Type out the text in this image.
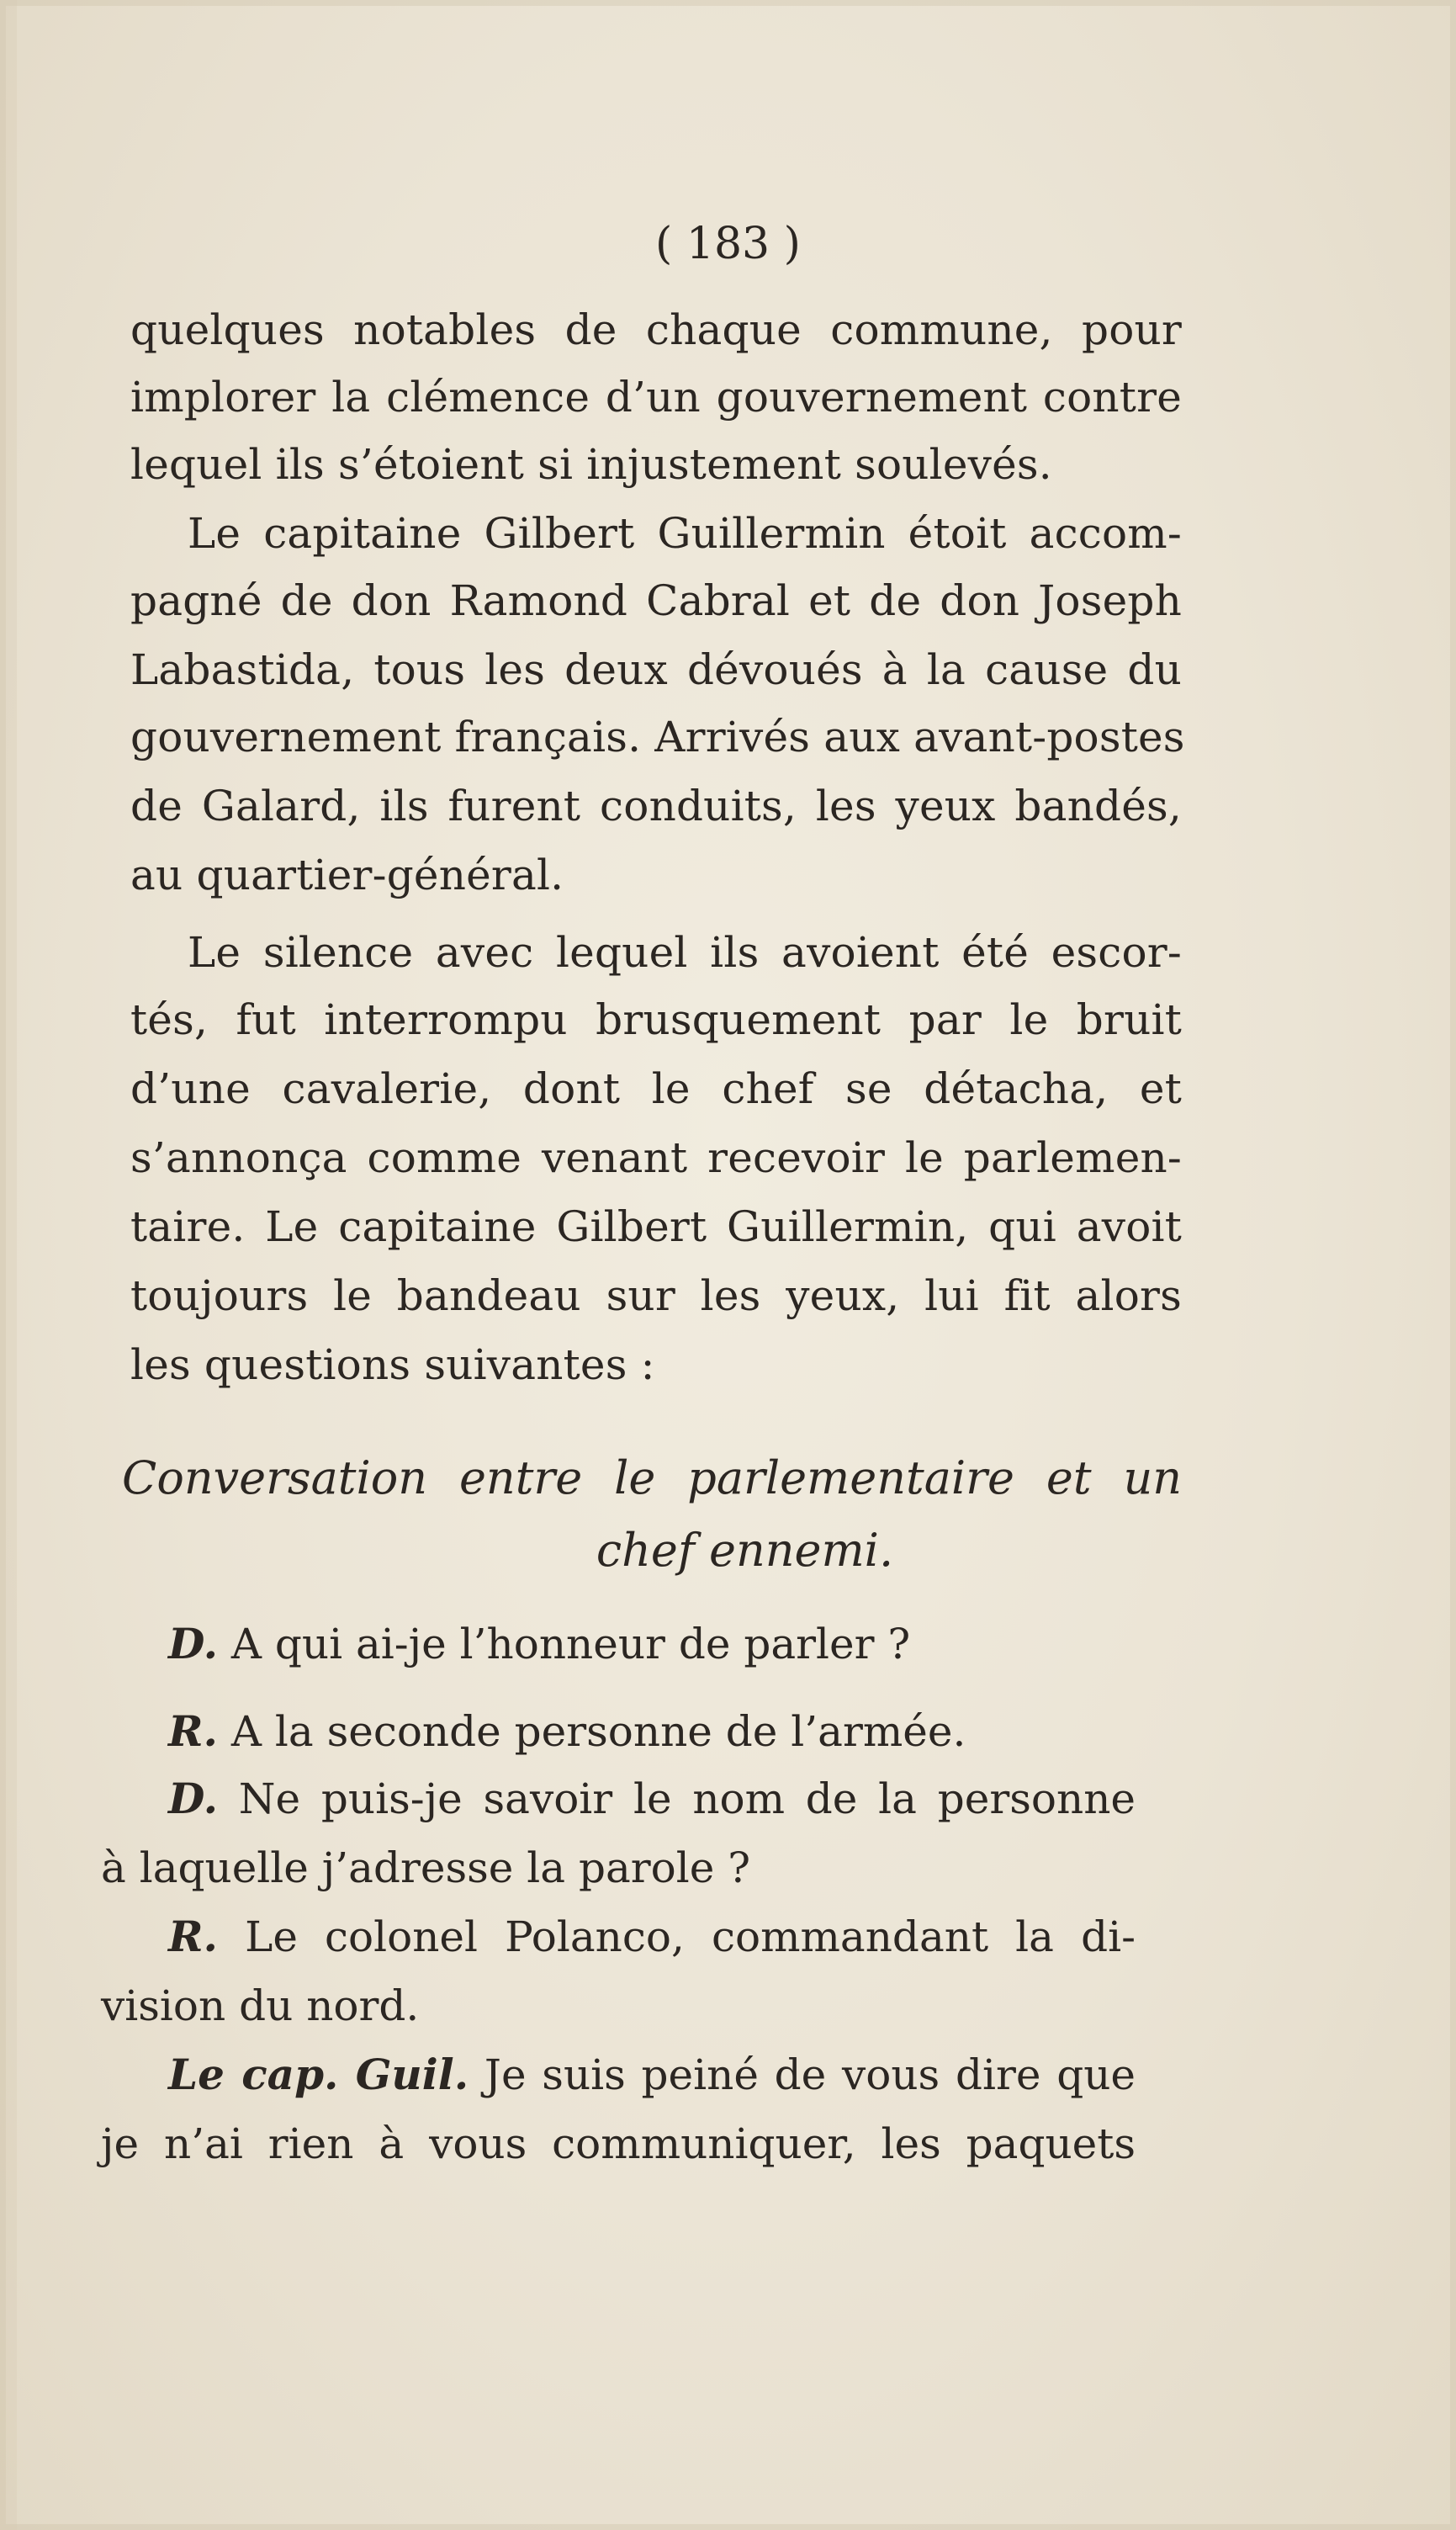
( 183 )
quelques notables de chaque commune, pour
implorer la clémence d’un gouvernement contre
lequel ils s’étoient si injustement soulevés.
Le capitaine Gilbert Guillermin étoit accom-
pagné de don Ramond Cabral et de don Joseph
Labastida, tous les deux dévoués à la cause du
gouvernement français. Arrivés aux avant-postes
de Galard, ils furent conduits, les yeux bandés,
au quartier-général.
Le silence avec lequel ils avoient été escor-
tés, fut interrompu brusquement par le bruit
d’une cavalerie, dont le chef se détacha, et
s’annonça comme venant recevoir le parlemen-
taire. Le capitaine Gilbert Guillermin, qui avoit
toujours le bandeau sur les yeux, lui fit alors
les questions suivantes :
Conversation entre le parlementaire et un
chef ennemi.
D. A qui ai-je l’honneur de parler ?
R. A la seconde personne de l’armée.
D. Ne puis-je savoir le nom de la personne
à laquelle j’adresse la parole ?
R. Le colonel Polanco, commandant la di-
vision du nord.
Le cap. Guil. Je suis peiné de vous dire que
je n’ai rien à vous communiquer, les paquets
